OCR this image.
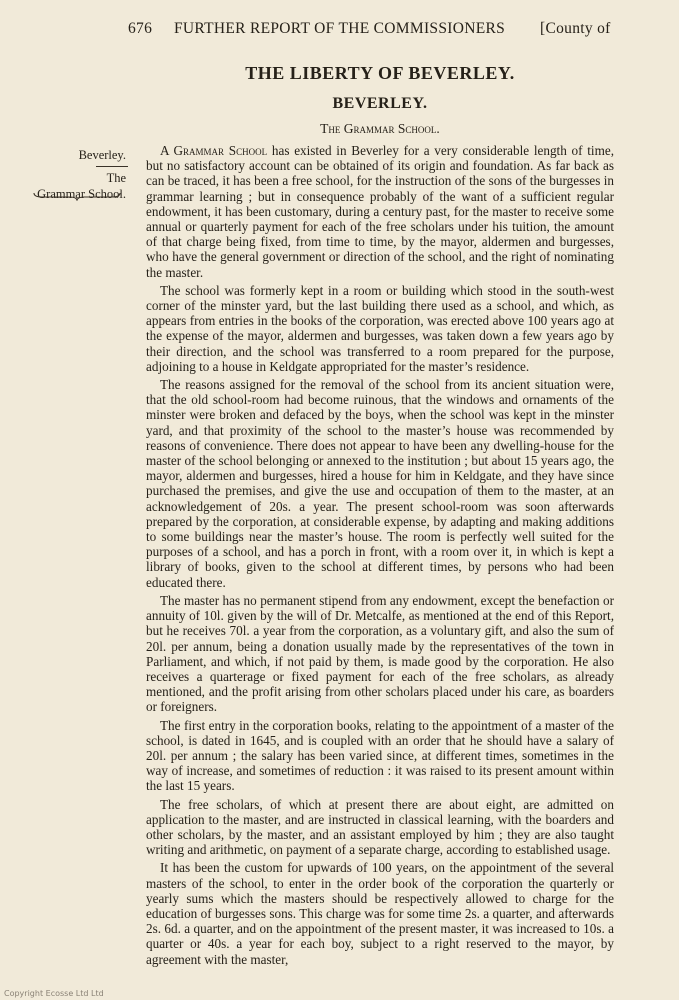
676 FURTHER REPORT OF THE COMMISSIONERS [County of
THE LIBERTY OF BEVERLEY.
BEVERLEY.
The Grammar School.
Beverley.
The
Grammar School.

A Grammar School has existed in Beverley for a very considerable length of time, but no satisfactory account can be obtained of its origin and foundation. As far back as can be traced, it has been a free school, for the instruction of the sons of the burgesses in grammar learning ; but in consequence probably of the want of a sufficient regular endowment, it has been customary, during a century past, for the master to receive some annual or quarterly payment for each of the free scholars under his tuition, the amount of that charge being fixed, from time to time, by the mayor, aldermen and burgesses, who have the general government or direction of the school, and the right of nominating the master.

The school was formerly kept in a room or building which stood in the south-west corner of the minster yard, but the last building there used as a school, and which, as appears from entries in the books of the corporation, was erected above 100 years ago at the expense of the mayor, aldermen and burgesses, was taken down a few years ago by their direction, and the school was transferred to a room prepared for the purpose, adjoining to a house in Keldgate appropriated for the master’s residence.

The reasons assigned for the removal of the school from its ancient situation were, that the old school-room had become ruinous, that the windows and ornaments of the minster were broken and defaced by the boys, when the school was kept in the minster yard, and that proximity of the school to the master’s house was recommended by reasons of convenience. There does not appear to have been any dwelling-house for the master of the school belonging or annexed to the institution ; but about 15 years ago, the mayor, aldermen and burgesses, hired a house for him in Keldgate, and they have since purchased the premises, and give the use and occupation of them to the master, at an acknowledgement of 20s. a year. The present school-room was soon afterwards prepared by the corporation, at considerable expense, by adapting and making additions to some buildings near the master’s house. The room is perfectly well suited for the purposes of a school, and has a porch in front, with a room over it, in which is kept a library of books, given to the school at different times, by persons who had been educated there.

The master has no permanent stipend from any endowment, except the benefaction or annuity of 10l. given by the will of Dr. Metcalfe, as mentioned at the end of this Report, but he receives 70l. a year from the corporation, as a voluntary gift, and also the sum of 20l. per annum, being a donation usually made by the representatives of the town in Parliament, and which, if not paid by them, is made good by the corporation. He also receives a quarterage or fixed payment for each of the free scholars, as already mentioned, and the profit arising from other scholars placed under his care, as boarders or foreigners.

The first entry in the corporation books, relating to the appointment of a master of the school, is dated in 1645, and is coupled with an order that he should have a salary of 20l. per annum ; the salary has been varied since, at different times, sometimes in the way of increase, and sometimes of reduction : it was raised to its present amount within the last 15 years.

The free scholars, of which at present there are about eight, are admitted on application to the master, and are instructed in classical learning, with the boarders and other scholars, by the master, and an assistant employed by him ; they are also taught writing and arithmetic, on payment of a separate charge, according to established usage.

It has been the custom for upwards of 100 years, on the appointment of the several masters of the school, to enter in the order book of the corporation the quarterly or yearly sums which the masters should be respectively allowed to charge for the education of burgesses sons. This charge was for some time 2s. a quarter, and afterwards 2s. 6d. a quarter, and on the appointment of the present master, it was increased to 10s. a quarter or 40s. a year for each boy, subject to a right reserved to the mayor, by agreement with the master,

Copyright Ecosse Ltd Ltd
